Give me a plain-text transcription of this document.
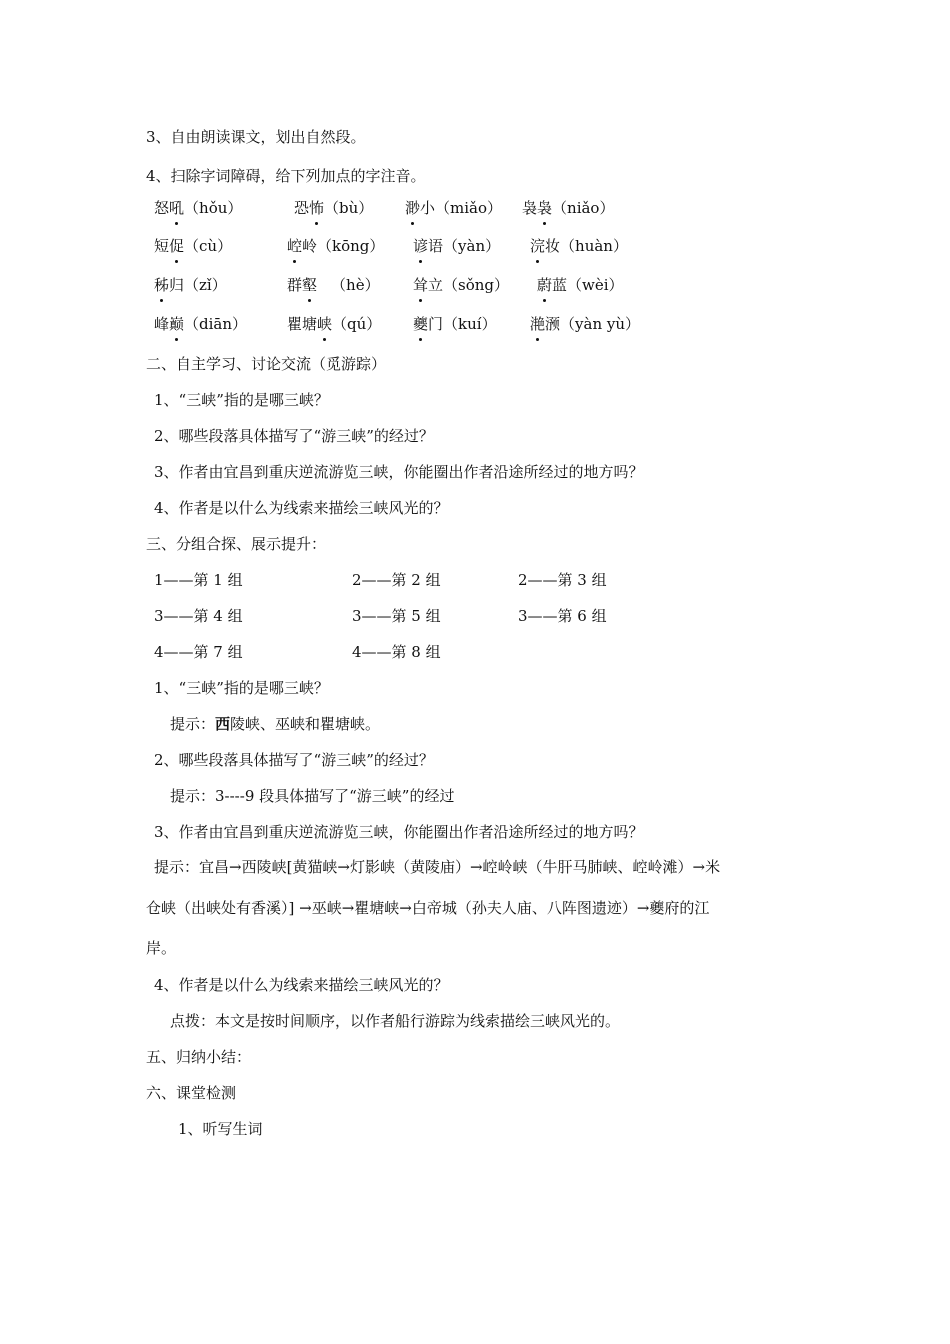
3、自由朗读课文，划出自然段。
4、扫除字词障碍，给下列加点的字注音。
怒吼（hǒu）	恐怖（bù） 渺小（miǎo） 袅袅（niǎo）
短促（cù）	崆岭（kōng） 谚语（yàn） 浣妆（huàn）
秭归（zǐ）	群壑 （hè） 耸立（sǒng） 蔚蓝（wèi）
峰巅（diān）	瞿塘峡（qú） 夔门（kuí） 滟滪（yàn yù）
二、自主学习、讨论交流（觅游踪）
1、“三峡”指的是哪三峡？
2、哪些段落具体描写了“游三峡”的经过？
3、作者由宜昌到重庆逆流游览三峡，你能圈出作者沿途所经过的地方吗？
4、作者是以什么为线索来描绘三峡风光的？
三、分组合探、展示提升：
1——第 1 组	2——第 2 组	2——第 3 组
3——第 4 组	3——第 5 组	3——第 6 组
4——第 7 组	4——第 8 组
1、“三峡”指的是哪三峡？
提示：西陵峡、巫峡和瞿塘峡。
2、哪些段落具体描写了“游三峡”的经过？
提示：3----9 段具体描写了“游三峡”的经过
3、作者由宜昌到重庆逆流游览三峡，你能圈出作者沿途所经过的地方吗？
提示：宜昌→西陵峡[黄猫峡→灯影峡（黄陵庙）→崆岭峡（牛肝马肺峡、崆岭滩）→米
仓峡（出峡处有香溪）] →巫峡→瞿塘峡→白帝城（孙夫人庙、八阵图遗迹）→夔府的江
岸。
4、作者是以什么为线索来描绘三峡风光的？
点拨：本文是按时间顺序，以作者船行游踪为线索描绘三峡风光的。
五、归纳小结：
六、课堂检测
1、听写生词
